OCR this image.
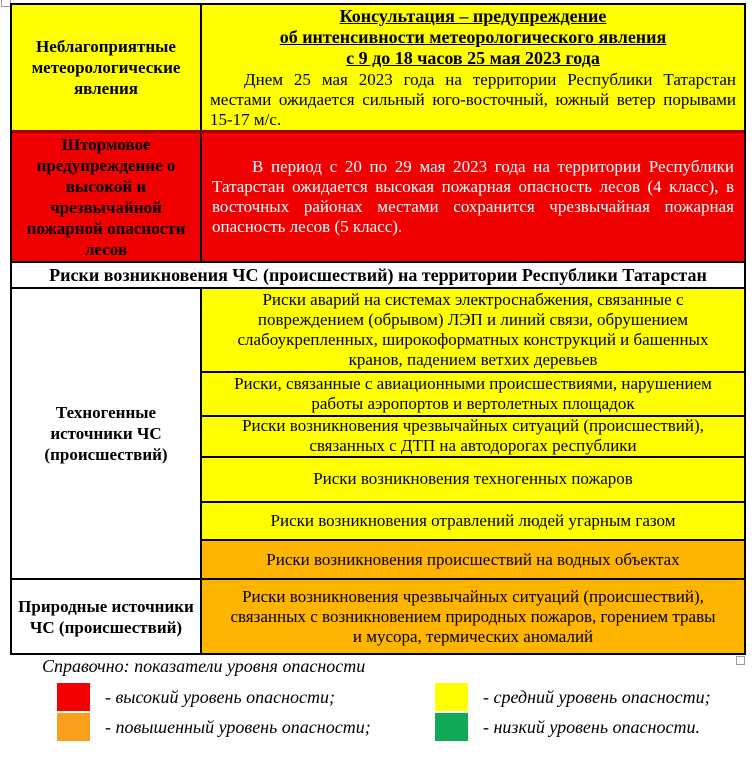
Неблагоприятные метеорологические явления
Консультация – предупреждение
об интенсивности метеорологического явления
с 9 до 18 часов 25 мая 2023 года
Днем 25 мая 2023 года на территории Республики Татарстан местами ожидается сильный юго-восточный, южный ветер порывами 15-17 м/с.
Штормовое предупреждение о высокой и чрезвычайной пожарной опасности лесов
В период с 20 по 29 мая 2023 года на территории Республики Татарстан ожидается высокая пожарная опасность лесов (4 класс), в восточных районах местами сохранится чрезвычайная пожарная опасность лесов (5 класс).
Риски возникновения ЧС (происшествий) на территории Республики Татарстан
Техногенные источники ЧС (происшествий)
Риски аварий на системах электроснабжения, связанные с повреждением (обрывом) ЛЭП и линий связи, обрушением слабоукрепленных, широкоформатных конструкций и башенных кранов, падением ветхих деревьев
Риски, связанные с авиационными происшествиями, нарушением работы аэропортов и вертолетных площадок
Риски возникновения чрезвычайных ситуаций (происшествий), связанных с ДТП на автодорогах республики
Риски возникновения техногенных пожаров
Риски возникновения отравлений людей угарным газом
Риски возникновения происшествий на водных объектах
Природные источники ЧС (происшествий)
Риски возникновения чрезвычайных ситуаций (происшествий), связанных с возникновением природных пожаров, горением травы и мусора, термических аномалий
Справочно: показатели уровня опасности
- высокий уровень опасности;	- средний уровень опасности;
- повышенный уровень опасности;	- низкий уровень опасности.
